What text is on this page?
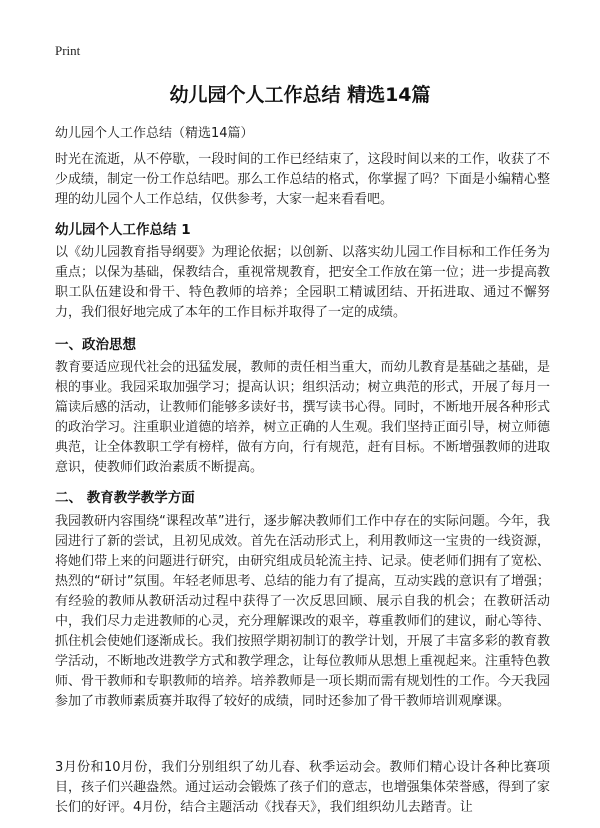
Print
幼儿园个人工作总结 精选14篇
幼儿园个人工作总结（精选14篇）
时光在流逝，从不停歇，一段时间的工作已经结束了，这段时间以来的工作，收获了不少成绩，制定一份工作总结吧。那么工作总结的格式，你掌握了吗？下面是小编精心整理的幼儿园个人工作总结，仅供参考，大家一起来看看吧。
幼儿园个人工作总结 1
以《幼儿园教育指导纲要》为理论依据；以创新、以落实幼儿园工作目标和工作任务为重点；以保为基础，保教结合，重视常规教育，把安全工作放在第一位；进一步提高教职工队伍建设和骨干、特色教师的培养；全园职工精诚团结、开拓进取、通过不懈努力，我们很好地完成了本年的工作目标并取得了一定的成绩。
一、政治思想
教育要适应现代社会的迅猛发展，教师的责任相当重大，而幼儿教育是基础之基础，是根的事业。我园采取加强学习；提高认识；组织活动；树立典范的形式，开展了每月一篇读后感的活动，让教师们能够多读好书，撰写读书心得。同时，不断地开展各种形式的政治学习。注重职业道德的培养，树立正确的人生观。我们坚持正面引导，树立师德典范，让全体教职工学有榜样，做有方向，行有规范，赶有目标。不断增强教师的进取意识，使教师们政治素质不断提高。
二、 教育教学教学方面
我园教研内容围绕“课程改革”进行，逐步解决教师们工作中存在的实际问题。今年，我园进行了新的尝试，且初见成效。首先在活动形式上，利用教师这一宝贵的一线资源，将她们带上来的问题进行研究，由研究组成员轮流主持、记录。使老师们拥有了宽松、热烈的“研讨”氛围。年轻老师思考、总结的能力有了提高，互动实践的意识有了增强；有经验的教师从教研活动过程中获得了一次反思回顾、展示自我的机会；在教研活动中，我们尽力走进教师的心灵，充分理解课改的艰辛，尊重教师们的建议，耐心等待、抓住机会使她们逐渐成长。我们按照学期初制订的教学计划，开展了丰富多彩的教育教学活动，不断地改进教学方式和教学理念，让每位教师从思想上重视起来。注重特色教师、骨干教师和专职教师的培养。培养教师是一项长期而需有规划性的工作。今天我园参加了市教师素质赛并取得了较好的成绩，同时还参加了骨干教师培训观摩课。
3月份和10月份，我们分别组织了幼儿春、秋季运动会。教师们精心设计各种比赛项目，孩子们兴趣盎然。通过运动会锻炼了孩子们的意志，也增强集体荣誉感，得到了家长们的好评。4月份，结合主题活动《找春天》，我们组织幼儿去踏青。让
